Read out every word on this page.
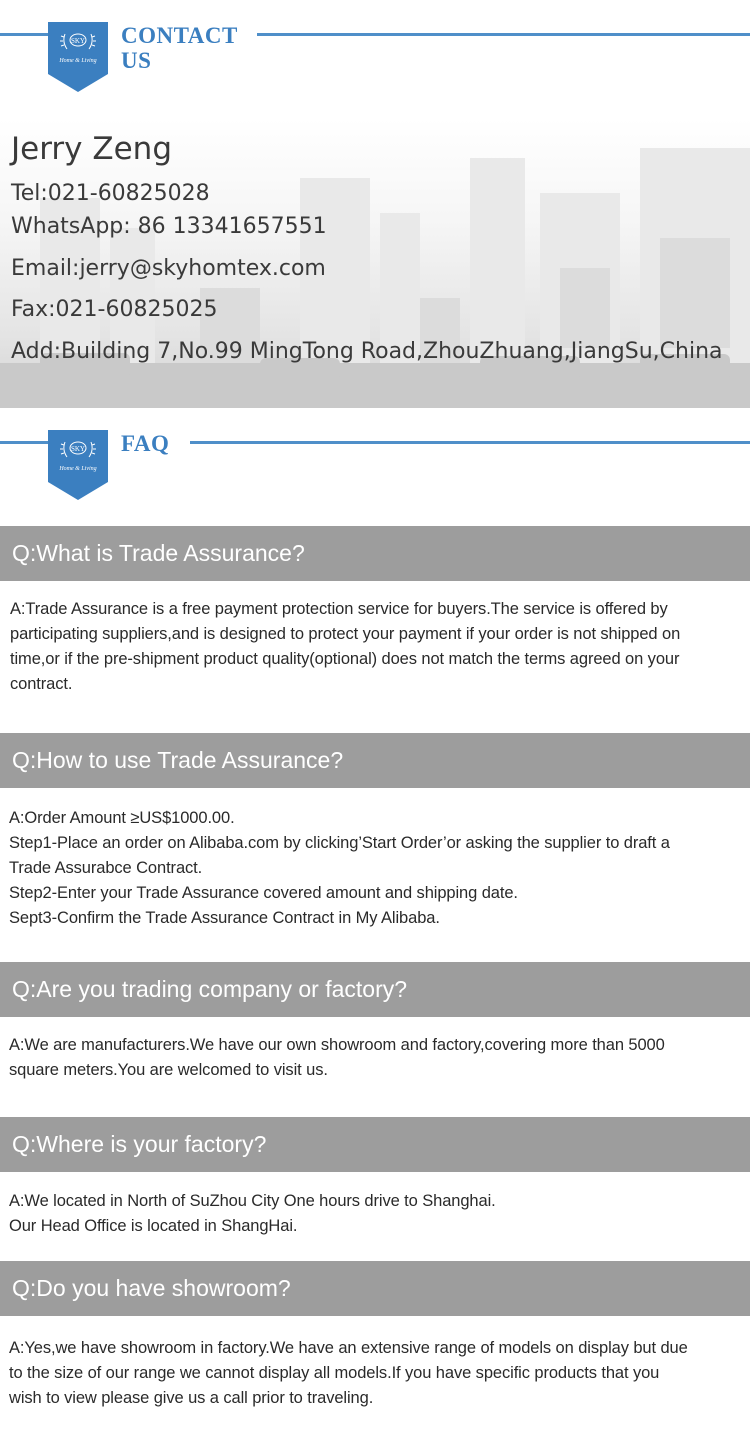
SKY
Home & Living
CONTACT
US
Jerry Zeng
Tel:021-60825028
WhatsApp: 86 13341657551
Email:jerry@skyhomtex.com
Fax:021-60825025
Add:Building 7,No.99 MingTong Road,ZhouZhuang,JiangSu,China
SKY
Home & Living
FAQ
Q:What is Trade Assurance?
A:Trade Assurance is a free payment protection service for buyers.The service is offered by
participating suppliers,and is designed to protect your payment if your order is not shipped on
time,or if the pre-shipment product quality(optional) does not match the terms agreed on your
contract.
Q:How to use Trade Assurance?
A:Order Amount ≥US$1000.00.
Step1-Place an order on Alibaba.com by clicking’Start Order’or asking the supplier to draft a
Trade Assurabce Contract.
Step2-Enter your Trade Assurance covered amount and shipping date.
Sept3-Confirm the Trade Assurance Contract in My Alibaba.
Q:Are you trading company or factory?
A:We are manufacturers.We have our own showroom and factory,covering more than 5000
square meters.You are welcomed to visit us.
Q:Where is your factory?
A:We located in North of SuZhou City One hours drive to Shanghai.
Our Head Office is located in ShangHai.
Q:Do you have showroom?
A:Yes,we have showroom in factory.We have an extensive range of models on display but due
to the size of our range we cannot display all models.If you have specific products that you
wish to view please give us a call prior to traveling.
